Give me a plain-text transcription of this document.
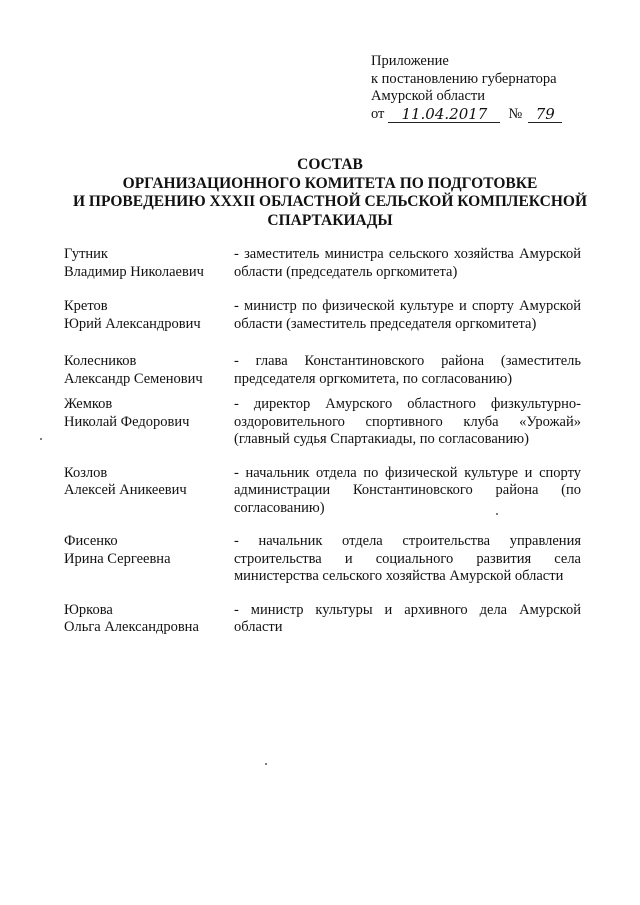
Приложение
к постановлению губернатора
Амурской области
от	11.04.2017	№ 79
СОСТАВ
ОРГАНИЗАЦИОННОГО КОМИТЕТА ПО ПОДГОТОВКЕ
И ПРОВЕДЕНИЮ XXXII ОБЛАСТНОЙ СЕЛЬСКОЙ КОМПЛЕКСНОЙ
СПАРТАКИАДЫ
Гутник
Владимир Николаевич
- заместитель министра сельского хозяйства Амурской области (председатель оргкомитета)
Кретов
Юрий Александрович
- министр по физической культуре и спорту Амурской области (заместитель председателя оргкомитета)
Колесников
Александр Семенович
- глава Константиновского района (заместитель председателя оргкомитета, по согласованию)
Жемков
Николай Федорович
- директор Амурского областного физкультурно-оздоровительного спортивного клуба «Урожай» (главный судья Спартакиады, по согласованию)
Козлов
Алексей Аникеевич
- начальник отдела по физической культуре и спорту администрации Константиновского района (по согласованию)
Фисенко
Ирина Сергеевна
- начальник отдела строительства управления строительства и социального развития села министерства сельского хозяйства Амурской области
Юркова
Ольга Александровна
- министр культуры и архивного дела Амурской области
